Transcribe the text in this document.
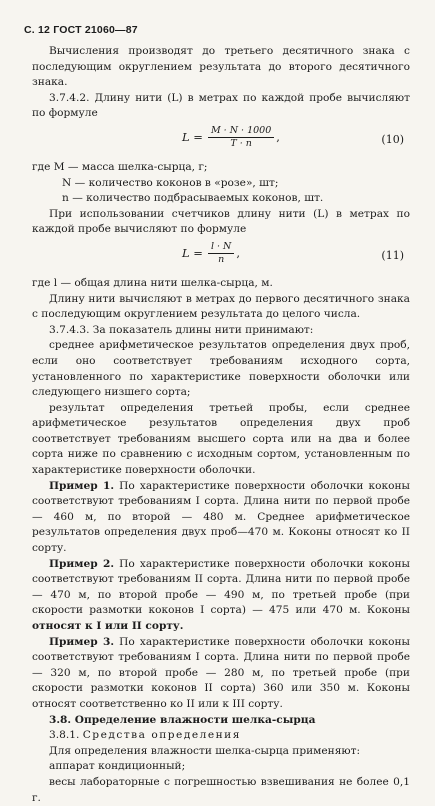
С. 12 ГОСТ 21060—87

Вычисления производят до третьего десятичного знака с последующим округлением результата до второго десятичного знака.

3.7.4.2. Длину нити (L) в метрах по каждой пробе вычисляют по формуле

$L = \frac{M \cdot N \cdot 1000}{T \cdot n}$ ,	(10)

где M — масса шелка-сырца, г;

N — количество коконов в «розе», шт;

n — количество подбрасываемых коконов, шт.

При использовании счетчиков длину нити (L) в метрах по каждой пробе вычисляют по формуле

$L = \frac{l \cdot N}{n}$ ,	(11)

где l — общая длина нити шелка-сырца, м.

Длину нити вычисляют в метрах до первого десятичного знака с последующим округлением результата до целого числа.

3.7.4.3. За показатель длины нити принимают:

среднее арифметическое результатов определения двух проб, если оно соответствует требованиям исходного сорта, установленного по характеристике поверхности оболочки или следующего низшего сорта;

результат определения третьей пробы, если среднее арифметическое результатов определения двух проб соответствует требованиям высшего сорта или на два и более сорта ниже по сравнению с исходным сортом, установленным по характеристике поверхности оболочки.

Пример 1. По характеристике поверхности оболочки коконы соответствуют требованиям I сорта. Длина нити по первой пробе — 460 м, по второй — 480 м. Среднее арифметическое результатов определения двух проб—470 м. Коконы относят ко II сорту.

Пример 2. По характеристике поверхности оболочки коконы соответствуют требованиям II сорта. Длина нити по первой пробе — 470 м, по второй пробе — 490 м, по третьей пробе (при скорости размотки коконов I сорта) — 475 или 470 м. Коконы относят к I или II сорту.

Пример 3. По характеристике поверхности оболочки коконы соответствуют требованиям I сорта. Длина нити по первой пробе — 320 м, по второй пробе — 280 м, по третьей пробе (при скорости размотки коконов II сорта) 360 или 350 м. Коконы относят соответственно ко II или к III сорту.

3.8. Определение влажности шелка-сырца

3.8.1. Средства определения

Для определения влажности шелка-сырца применяют:

аппарат кондиционный;

весы лабораторные с погрешностью взвешивания не более 0,1 г.
